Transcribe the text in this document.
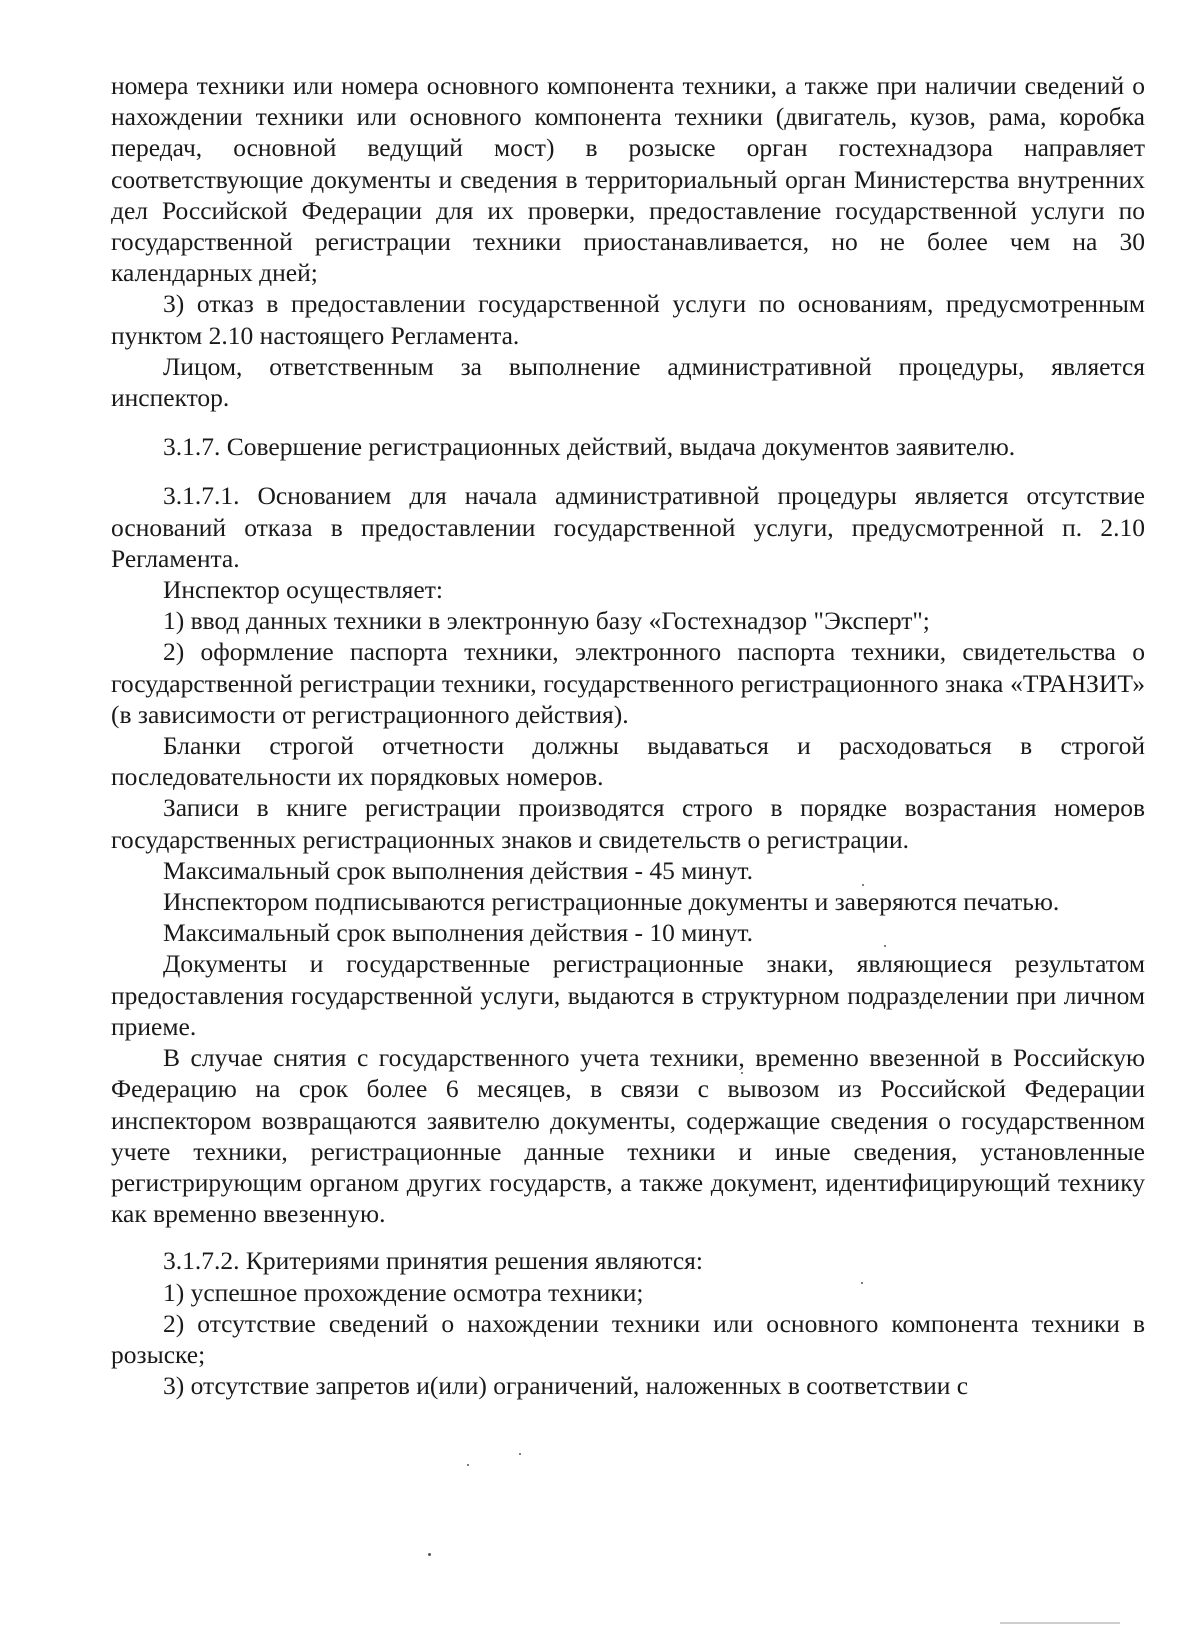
номера техники или номера основного компонента техники, а также при наличии сведений о нахождении техники или основного компонента техники (двигатель, кузов, рама, коробка передач, основной ведущий мост) в розыске орган гостехнадзора направляет соответствующие документы и сведения в территориальный орган Министерства внутренних дел Российской Федерации для их проверки, предоставление государственной услуги по государственной регистрации техники приостанавливается, но не более чем на 30 календарных дней;

3) отказ в предоставлении государственной услуги по основаниям, предусмотренным пунктом 2.10 настоящего Регламента.

Лицом, ответственным за выполнение административной процедуры, является инспектор.

3.1.7. Совершение регистрационных действий, выдача документов заявителю.

3.1.7.1. Основанием для начала административной процедуры является отсутствие оснований отказа в предоставлении государственной услуги, предусмотренной п. 2.10 Регламента.

Инспектор осуществляет:

1) ввод данных техники в электронную базу «Гостехнадзор "Эксперт";

2) оформление паспорта техники, электронного паспорта техники, свидетельства о государственной регистрации техники, государственного регистрационного знака «ТРАНЗИТ» (в зависимости от регистрационного действия).

Бланки строгой отчетности должны выдаваться и расходоваться в строгой последовательности их порядковых номеров.

Записи в книге регистрации производятся строго в порядке возрастания номеров государственных регистрационных знаков и свидетельств о регистрации.

Максимальный срок выполнения действия - 45 минут.

Инспектором подписываются регистрационные документы и заверяются печатью.

Максимальный срок выполнения действия - 10 минут.

Документы и государственные регистрационные знаки, являющиеся результатом предоставления государственной услуги, выдаются в структурном подразделении при личном приеме.

В случае снятия с государственного учета техники, временно ввезенной в Российскую Федерацию на срок более 6 месяцев, в связи с вывозом из Российской Федерации инспектором возвращаются заявителю документы, содержащие сведения о государственном учете техники, регистрационные данные техники и иные сведения, установленные регистрирующим органом других государств, а также документ, идентифицирующий технику как временно ввезенную.

3.1.7.2. Критериями принятия решения являются:

1) успешное прохождение осмотра техники;

2) отсутствие сведений о нахождении техники или основного компонента техники в розыске;

3) отсутствие запретов и(или) ограничений, наложенных в соответствии с
